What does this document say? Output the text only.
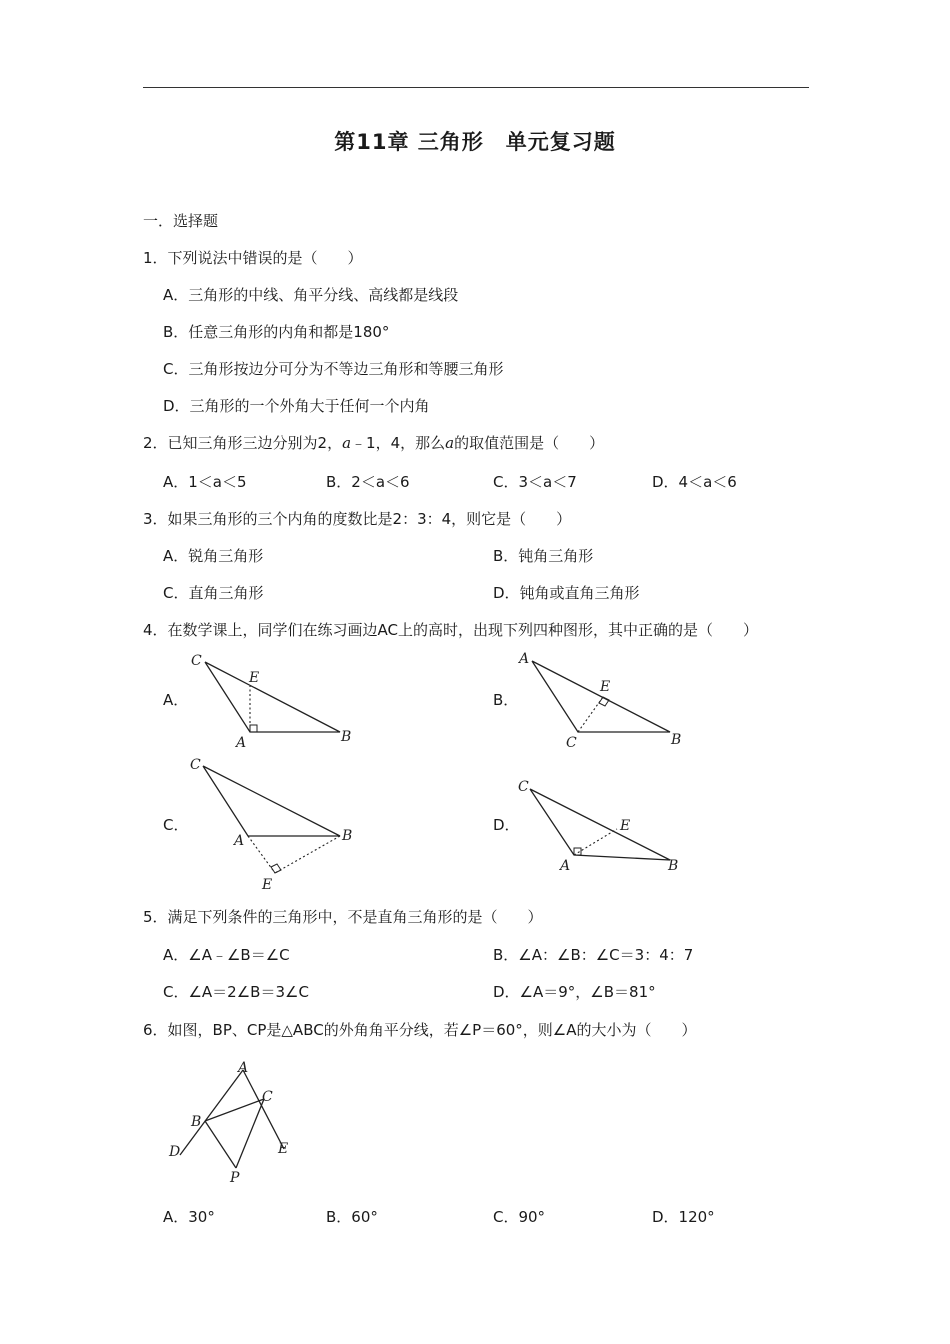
第11章 三角形　单元复习题
一．选择题
1．下列说法中错误的是（　　）
A．三角形的中线、角平分线、高线都是线段
B．任意三角形的内角和都是180°
C．三角形按边分可分为不等边三角形和等腰三角形
D．三角形的一个外角大于任何一个内角
2．已知三角形三边分别为2，a﹣1，4，那么a的取值范围是（　　）
A．1＜a＜5	B．2＜a＜6	C．3＜a＜7	D．4＜a＜6
3．如果三角形的三个内角的度数比是2：3：4，则它是（　　）
A．锐角三角形	B．钝角三角形
C．直角三角形	D．钝角或直角三角形
4．在数学课上，同学们在练习画边AC上的高时，出现下列四种图形，其中正确的是（　　）
A．	B．
C．	D．
C
E
A	B
A
E
C	B
C
A	B
E
C
E
A	B
5．满足下列条件的三角形中，不是直角三角形的是（　　）
A．∠A﹣∠B＝∠C	B．∠A：∠B：∠C＝3：4：7
C．∠A＝2∠B＝3∠C	D．∠A＝9°，∠B＝81°
6．如图，BP、CP是△ABC的外角角平分线，若∠P＝60°，则∠A的大小为（　　）
A
B
C
D	E
P
A．30°	B．60°	C．90°	D．120°
